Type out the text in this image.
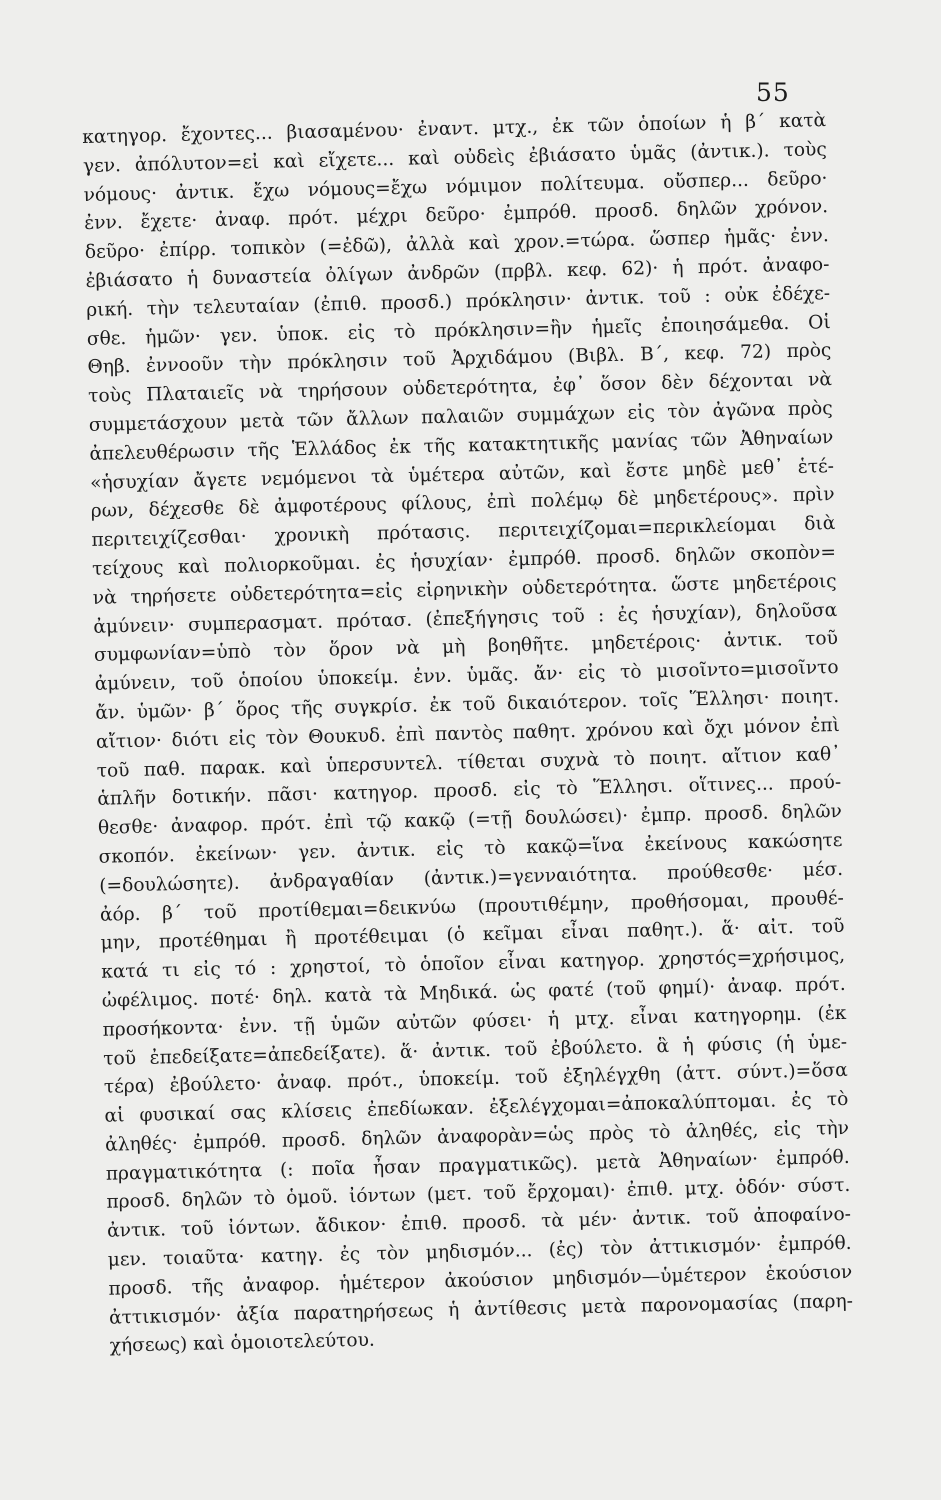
55
κατηγορ. ἔχοντες... βιασαμένου· ἐναντ. μτχ., ἐκ τῶν ὁποίων ἡ β΄ κατὰ
γεν. ἀπόλυτον=εἰ καὶ εἴχετε... καὶ οὐδεὶς ἐβιάσατο ὑμᾶς (ἀντικ.). τοὺς
νόμους· ἀντικ. ἔχω νόμους=ἔχω νόμιμον πολίτευμα. οὔσπερ... δεῦρο·
ἐνν. ἔχετε· ἀναφ. πρότ. μέχρι δεῦρο· ἐμπρόθ. προσδ. δηλῶν χρόνον.
δεῦρο· ἐπίρρ. τοπικὸν (=ἐδῶ), ἀλλὰ καὶ χρον.=τώρα. ὥσπερ ἡμᾶς· ἐνν.
ἐβιάσατο ἡ δυναστεία ὀλίγων ἀνδρῶν (πρβλ. κεφ. 62)· ἡ πρότ. ἀναφο-
ρική. τὴν τελευταίαν (ἐπιθ. προσδ.) πρόκλησιν· ἀντικ. τοῦ : οὐκ ἐδέχε-
σθε. ἡμῶν· γεν. ὑποκ. εἰς τὸ πρόκλησιν=ἣν ἡμεῖς ἐποιησάμεθα. Οἱ
Θηβ. ἐννοοῦν τὴν πρόκλησιν τοῦ Ἀρχιδάμου (Βιβλ. Β΄, κεφ. 72) πρὸς
τοὺς Πλαταιεῖς νὰ τηρήσουν οὐδετερότητα, ἐφ᾽ ὅσον δὲν δέχονται νὰ
συμμετάσχουν μετὰ τῶν ἄλλων παλαιῶν συμμάχων εἰς τὸν ἀγῶνα πρὸς
ἀπελευθέρωσιν τῆς Ἑλλάδος ἐκ τῆς κατακτητικῆς μανίας τῶν Ἀθηναίων
«ἡσυχίαν ἄγετε νεμόμενοι τὰ ὑμέτερα αὐτῶν, καὶ ἔστε μηδὲ μεθ᾽ ἑτέ-
ρων, δέχεσθε δὲ ἀμφοτέρους φίλους, ἐπὶ πολέμῳ δὲ μηδετέρους». πρὶν
περιτειχίζεσθαι· χρονικὴ πρότασις. περιτειχίζομαι=περικλείομαι διὰ
τείχους καὶ πολιορκοῦμαι. ἐς ἡσυχίαν· ἐμπρόθ. προσδ. δηλῶν σκοπὸν=
νὰ τηρήσετε οὐδετερότητα=εἰς εἰρηνικὴν οὐδετερότητα. ὥστε μηδετέροις
ἀμύνειν· συμπερασματ. πρότασ. (ἐπεξήγησις τοῦ : ἐς ἡσυχίαν), δηλοῦσα
συμφωνίαν=ὑπὸ τὸν ὅρον νὰ μὴ βοηθῆτε. μηδετέροις· ἀντικ. τοῦ
ἀμύνειν, τοῦ ὁποίου ὑποκείμ. ἐνν. ὑμᾶς. ἄν· εἰς τὸ μισοῖντο=μισοῖντο
ἄν. ὑμῶν· β΄ ὅρος τῆς συγκρίσ. ἐκ τοῦ δικαιότερον. τοῖς Ἕλλησι· ποιητ.
αἴτιον· διότι εἰς τὸν Θουκυδ. ἐπὶ παντὸς παθητ. χρόνου καὶ ὄχι μόνον ἐπὶ
τοῦ παθ. παρακ. καὶ ὑπερσυντελ. τίθεται συχνὰ τὸ ποιητ. αἴτιον καθ᾽
ἁπλῆν δοτικήν. πᾶσι· κατηγορ. προσδ. εἰς τὸ Ἕλλησι. οἵτινες... πρού-
θεσθε· ἀναφορ. πρότ. ἐπὶ τῷ κακῷ (=τῇ δουλώσει)· ἐμπρ. προσδ. δηλῶν
σκοπόν. ἐκείνων· γεν. ἀντικ. εἰς τὸ κακῷ=ἵνα ἐκείνους κακώσητε
(=δουλώσητε). ἀνδραγαθίαν (ἀντικ.)=γενναιότητα. προύθεσθε· μέσ.
ἀόρ. β΄ τοῦ προτίθεμαι=δεικνύω (προυτιθέμην, προθήσομαι, προυθέ-
μην, προτέθημαι ἢ προτέθειμαι (ὁ κεῖμαι εἶναι παθητ.). ἅ· αἰτ. τοῦ
κατά τι εἰς τό : χρηστοί, τὸ ὁποῖον εἶναι κατηγορ. χρηστός=χρήσιμος,
ὠφέλιμος. ποτέ· δηλ. κατὰ τὰ Μηδικά. ὡς φατέ (τοῦ φημί)· ἀναφ. πρότ.
προσήκοντα· ἐνν. τῇ ὑμῶν αὐτῶν φύσει· ἡ μτχ. εἶναι κατηγορημ. (ἐκ
τοῦ ἐπεδείξατε=ἀπεδείξατε). ἅ· ἀντικ. τοῦ ἐβούλετο. ἃ ἡ φύσις (ἡ ὑμε-
τέρα) ἐβούλετο· ἀναφ. πρότ., ὑποκείμ. τοῦ ἐξηλέγχθη (ἀττ. σύντ.)=ὅσα
αἱ φυσικαί σας κλίσεις ἐπεδίωκαν. ἐξελέγχομαι=ἀποκαλύπτομαι. ἐς τὸ
ἀληθές· ἐμπρόθ. προσδ. δηλῶν ἀναφορὰν=ὡς πρὸς τὸ ἀληθές, εἰς τὴν
πραγματικότητα (: ποῖα ἦσαν πραγματικῶς). μετὰ Ἀθηναίων· ἐμπρόθ.
προσδ. δηλῶν τὸ ὁμοῦ. ἰόντων (μετ. τοῦ ἔρχομαι)· ἐπιθ. μτχ. ὁδόν· σύστ.
ἀντικ. τοῦ ἰόντων. ἄδικον· ἐπιθ. προσδ. τὰ μέν· ἀντικ. τοῦ ἀποφαίνο-
μεν. τοιαῦτα· κατηγ. ἐς τὸν μηδισμόν... (ἐς) τὸν ἀττικισμόν· ἐμπρόθ.
προσδ. τῆς ἀναφορ. ἡμέτερον ἀκούσιον μηδισμόν—ὑμέτερον ἑκούσιον
ἀττικισμόν· ἀξία παρατηρήσεως ἡ ἀντίθεσις μετὰ παρονομασίας (παρη-
χήσεως) καὶ ὁμοιοτελεύτου.
